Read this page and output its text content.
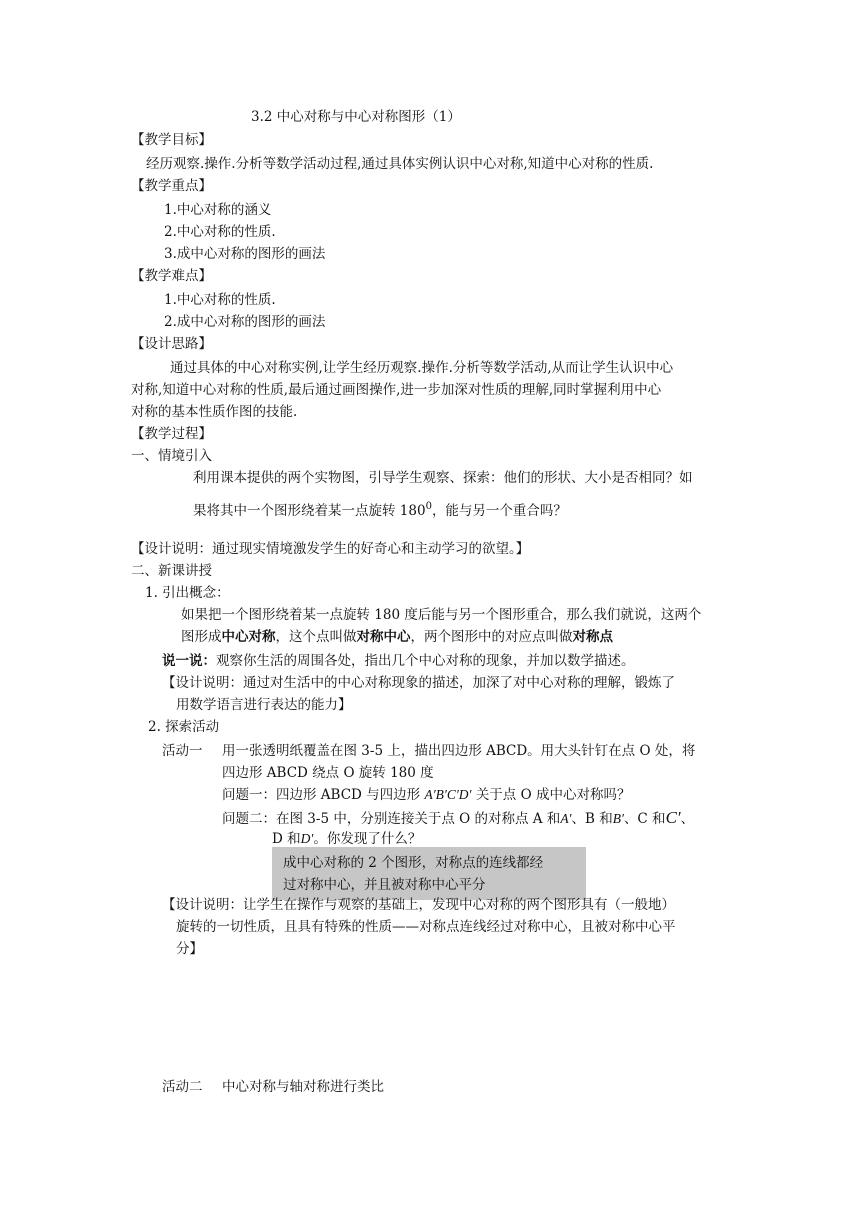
3.2 中心对称与中心对称图形（1）
【教学目标】
经历观察.操作.分析等数学活动过程,通过具体实例认识中心对称,知道中心对称的性质.
【教学重点】
1.中心对称的涵义
2.中心对称的性质.
3.成中心对称的图形的画法
【教学难点】
1.中心对称的性质.
2.成中心对称的图形的画法
【设计思路】
通过具体的中心对称实例,让学生经历观察.操作.分析等数学活动,从而让学生认识中心
对称,知道中心对称的性质,最后通过画图操作,进一步加深对性质的理解,同时掌握利用中心
对称的基本性质作图的技能.
【教学过程】
一、情境引入
利用课本提供的两个实物图，引导学生观察、探索：他们的形状、大小是否相同？如
果将其中一个图形绕着某一点旋转 $180^0$，能与另一个重合吗？
【设计说明：通过现实情境激发学生的好奇心和主动学习的欲望。】
二、新课讲授
1. 引出概念：
如果把一个图形绕着某一点旋转 180 度后能与另一个图形重合，那么我们就说，这两个
图形成中心对称，这个点叫做对称中心，两个图形中的对应点叫做对称点
说一说：观察你生活的周围各处，指出几个中心对称的现象，并加以数学描述。
【设计说明：通过对生活中的中心对称现象的描述，加深了对中心对称的理解，锻炼了
用数学语言进行表达的能力】
2. 探索活动
活动一 用一张透明纸覆盖在图 3-5 上，描出四边形 ABCD。用大头针钉在点 O 处，将
四边形 ABCD 绕点 O 旋转 180 度
问题一：四边形 ABCD 与四边形 A′B′C′D′ 关于点 O 成中心对称吗？
问题二：在图 3-5 中，分别连接关于点 O 的对称点 A 和A′、B 和B′、C 和C′、
D 和D′。你发现了什么？
成中心对称的 2 个图形，对称点的连线都经
过对称中心，并且被对称中心平分
【设计说明：让学生在操作与观察的基础上，发现中心对称的两个图形具有（一般地）
旋转的一切性质，且具有特殊的性质——对称点连线经过对称中心，且被对称中心平
分】
活动二 中心对称与轴对称进行类比
